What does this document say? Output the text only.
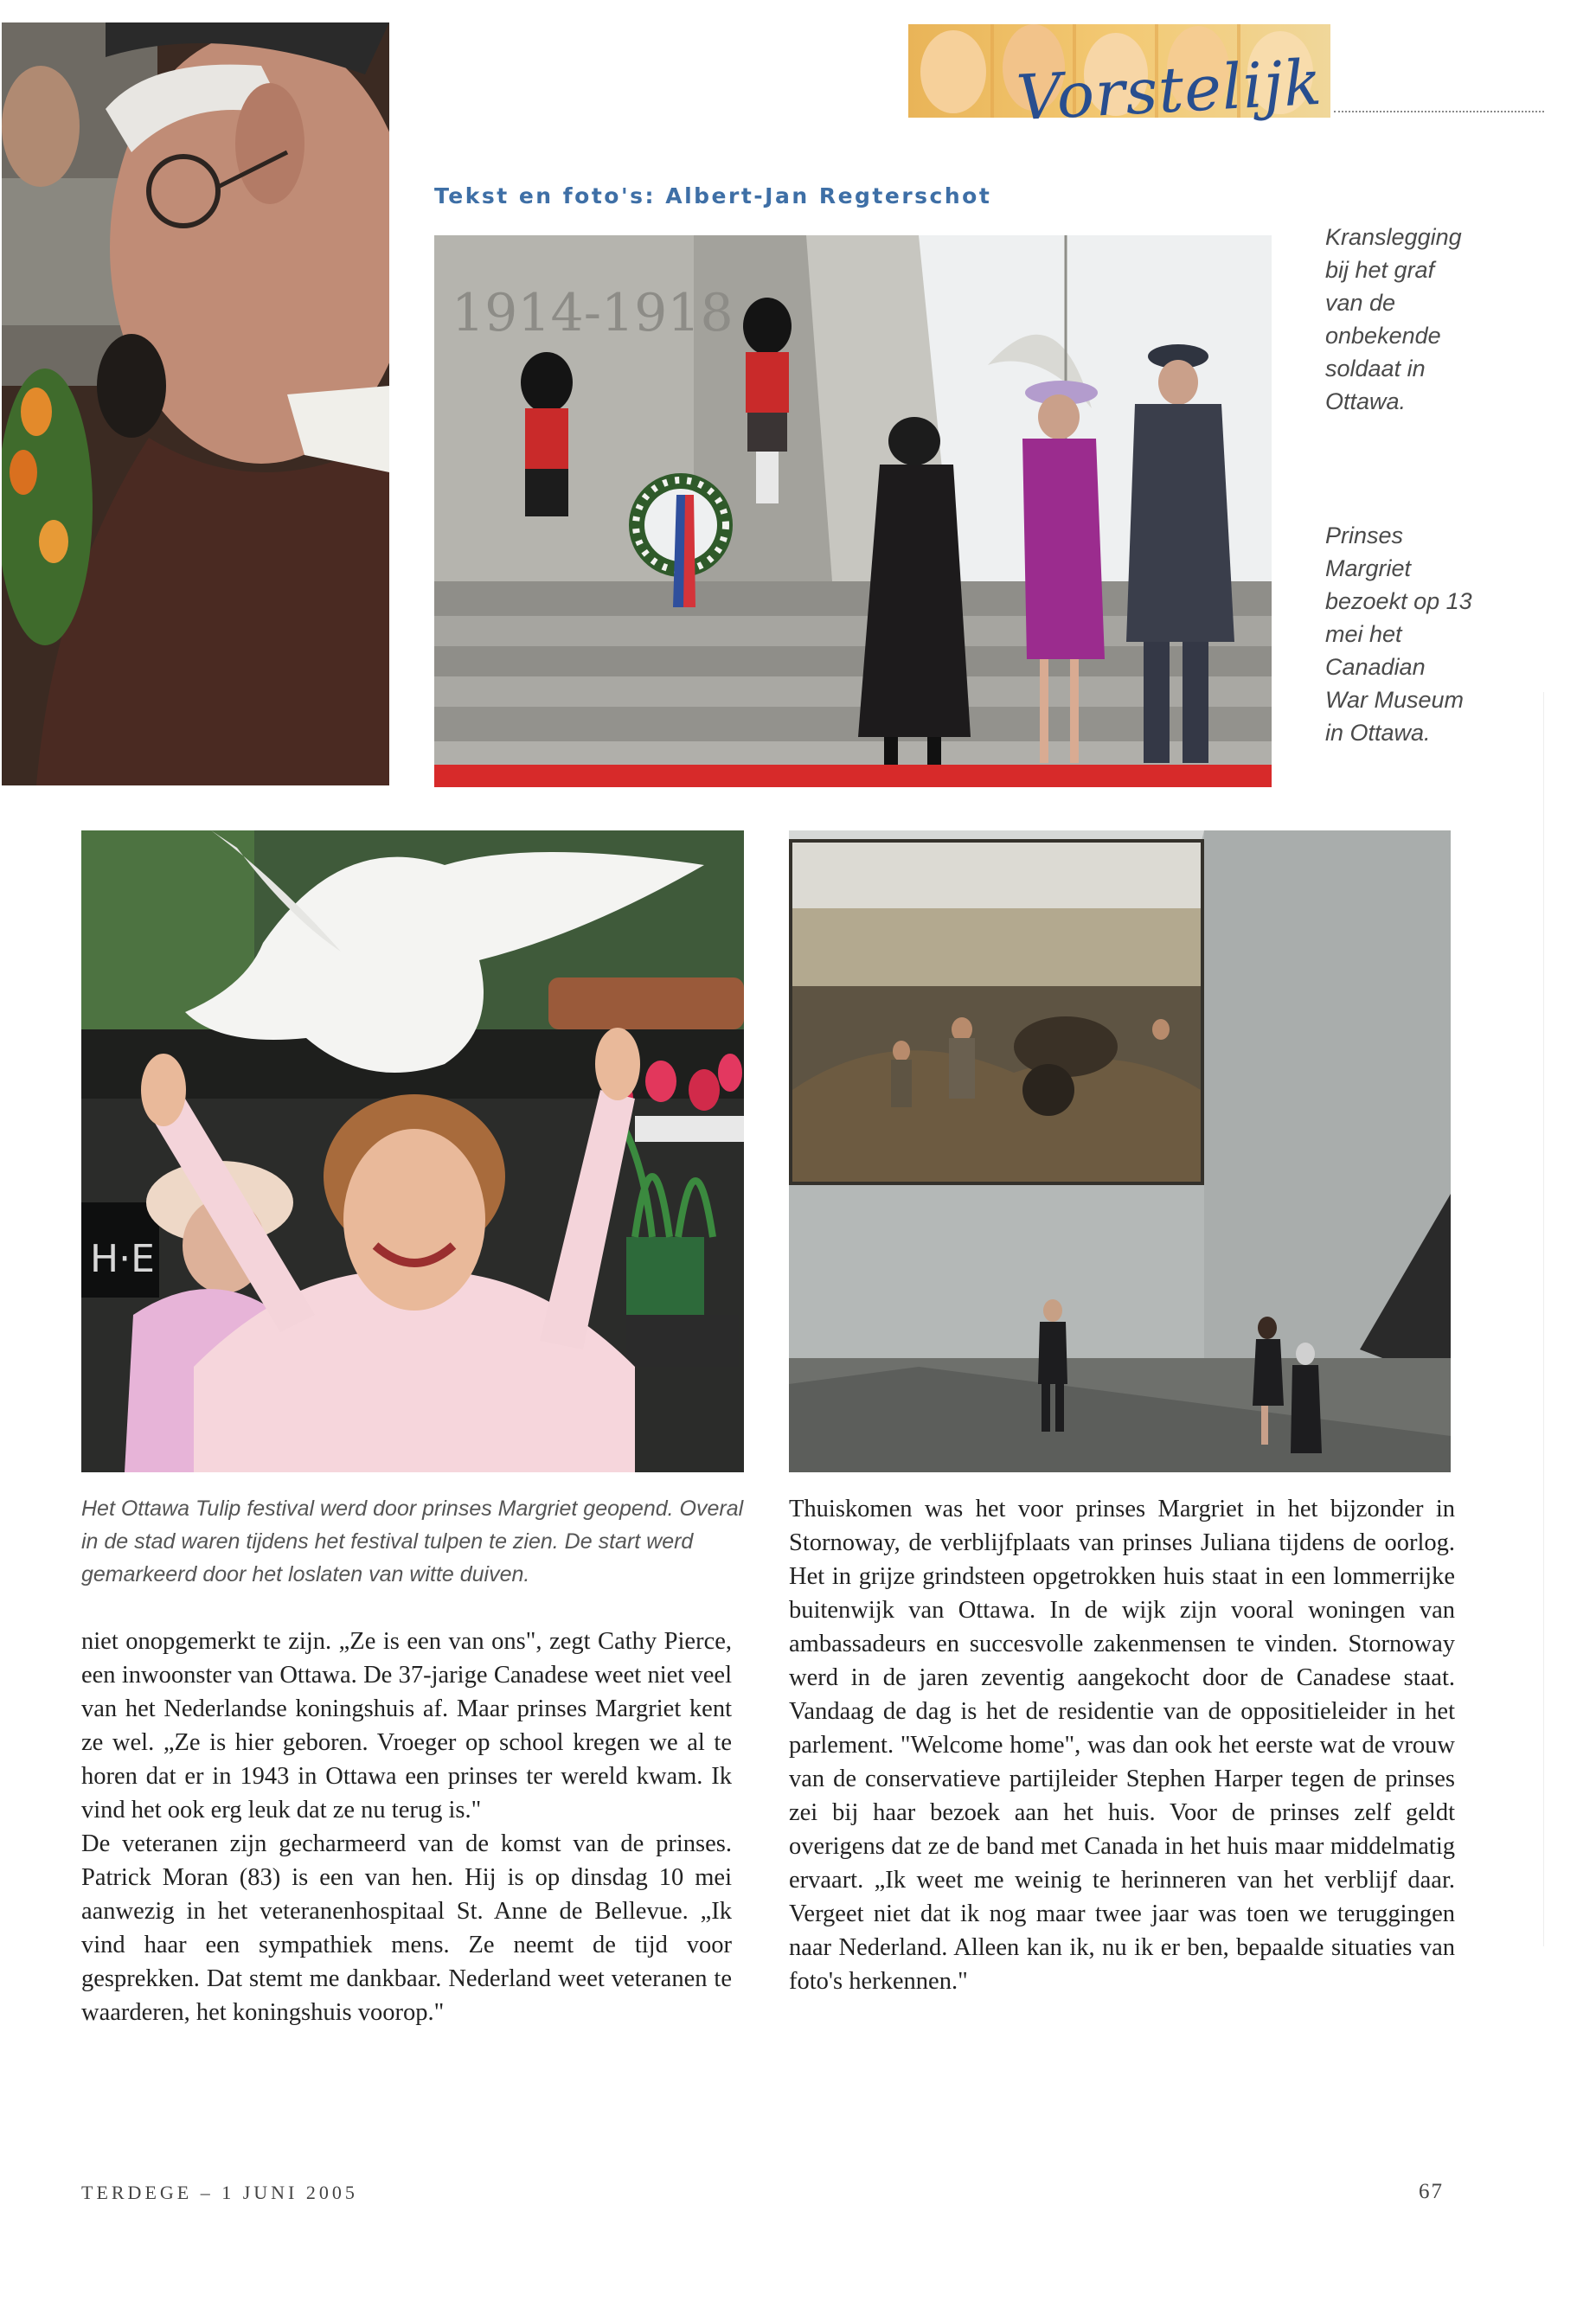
Vorstelijk
Tekst en foto's: Albert-Jan Regterschot
1914-1918
Kranslegging bij het graf van de onbekende soldaat in Ottawa.
Prinses Margriet bezoekt op 13 mei het Canadian War Museum in Ottawa.
H·E
Het Ottawa Tulip festival werd door prinses Margriet geopend. Overal in de stad waren tijdens het festival tulpen te zien. De start werd gemarkeerd door het loslaten van witte duiven.
niet onopgemerkt te zijn. „Ze is een van ons", zegt Cathy Pierce, een inwoonster van Ottawa. De 37-jarige Canadese weet niet veel van het Nederlandse koningshuis af. Maar prinses Margriet kent ze wel. „Ze is hier geboren. Vroeger op school kregen we al te horen dat er in 1943 in Ottawa een prinses ter wereld kwam. Ik vind het ook erg leuk dat ze nu terug is."
De veteranen zijn gecharmeerd van de komst van de prinses. Patrick Moran (83) is een van hen. Hij is op dinsdag 10 mei aanwezig in het veteranenhospitaal St. Anne de Bellevue. „Ik vind haar een sympathiek mens. Ze neemt de tijd voor gesprekken. Dat stemt me dankbaar. Nederland weet veteranen te waarderen, het koningshuis voorop."
Thuiskomen was het voor prinses Margriet in het bijzonder in Stornoway, de verblijfplaats van prinses Juliana tijdens de oorlog. Het in grijze grindsteen opgetrokken huis staat in een lommerrijke buitenwijk van Ottawa. In de wijk zijn vooral woningen van ambassadeurs en succesvolle zakenmensen te vinden. Stornoway werd in de jaren zeventig aangekocht door de Canadese staat. Vandaag de dag is het de residentie van de oppositieleider in het parlement. "Welcome home", was dan ook het eerste wat de vrouw van de conservatieve partijleider Stephen Harper tegen de prinses zei bij haar bezoek aan het huis. Voor de prinses zelf geldt overigens dat ze de band met Canada in het huis maar middelmatig ervaart. „Ik weet me weinig te herinneren van het verblijf daar. Vergeet niet dat ik nog maar twee jaar was toen we teruggingen naar Nederland. Alleen kan ik, nu ik er ben, bepaalde situaties van foto's herkennen."
TERDEGE – 1 JUNI 2005	67
